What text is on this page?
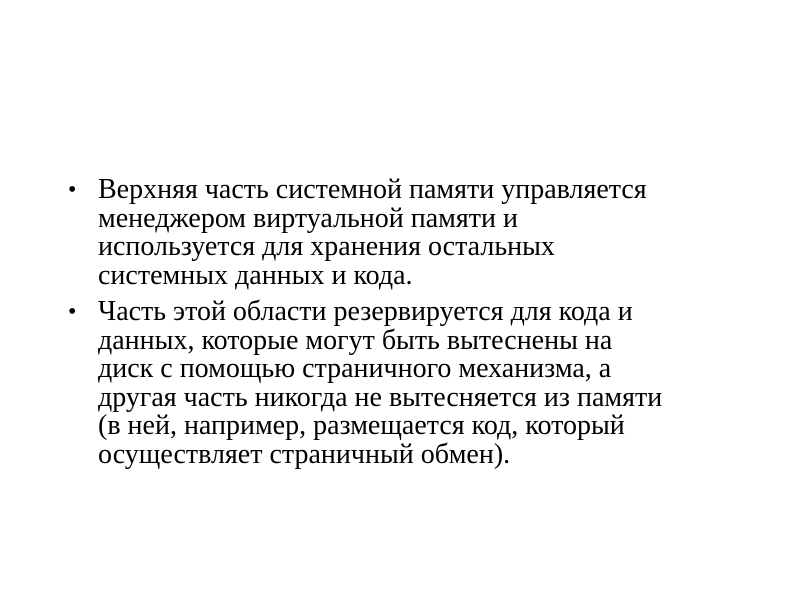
• Верхняя часть системной памяти управляется
менеджером виртуальной памяти и
используется для хранения остальных
системных данных и кода.
• Часть этой области резервируется для кода и
данных, которые могут быть вытеснены на
диск с помощью страничного механизма, а
другая часть никогда не вытесняется из памяти
(в ней, например, размещается код, который
осуществляет страничный обмен).
